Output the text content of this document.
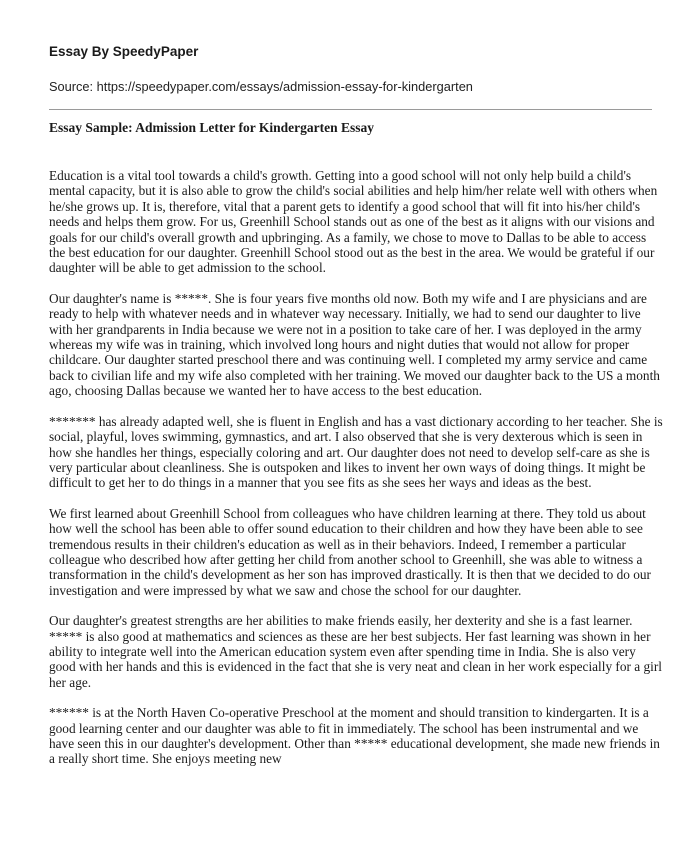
Essay By SpeedyPaper
Source: https://speedypaper.com/essays/admission-essay-for-kindergarten
Essay Sample: Admission Letter for Kindergarten Essay

Education is a vital tool towards a child's growth. Getting into a good school will not only help build a child's mental capacity, but it is also able to grow the child's social abilities and help him/her relate well with others when he/she grows up. It is, therefore, vital that a parent gets to identify a good school that will fit into his/her child's needs and helps them grow. For us, Greenhill School stands out as one of the best as it aligns with our visions and goals for our child's overall growth and upbringing. As a family, we chose to move to Dallas to be able to access the best education for our daughter. Greenhill School stood out as the best in the area. We would be grateful if our daughter will be able to get admission to the school.

Our daughter's name is *****. She is four years five months old now. Both my wife and I are physicians and are ready to help with whatever needs and in whatever way necessary. Initially, we had to send our daughter to live with her grandparents in India because we were not in a position to take care of her. I was deployed in the army whereas my wife was in training, which involved long hours and night duties that would not allow for proper childcare. Our daughter started preschool there and was continuing well. I completed my army service and came back to civilian life and my wife also completed with her training. We moved our daughter back to the US a month ago, choosing Dallas because we wanted her to have access to the best education.

******* has already adapted well, she is fluent in English and has a vast dictionary according to her teacher. She is social, playful, loves swimming, gymnastics, and art. I also observed that she is very dexterous which is seen in how she handles her things, especially coloring and art. Our daughter does not need to develop self-care as she is very particular about cleanliness. She is outspoken and likes to invent her own ways of doing things. It might be difficult to get her to do things in a manner that you see fits as she sees her ways and ideas as the best.

We first learned about Greenhill School from colleagues who have children learning at there. They told us about how well the school has been able to offer sound education to their children and how they have been able to see tremendous results in their children's education as well as in their behaviors. Indeed, I remember a particular colleague who described how after getting her child from another school to Greenhill, she was able to witness a transformation in the child's development as her son has improved drastically. It is then that we decided to do our investigation and were impressed by what we saw and chose the school for our daughter.

Our daughter's greatest strengths are her abilities to make friends easily, her dexterity and she is a fast learner. ***** is also good at mathematics and sciences as these are her best subjects. Her fast learning was shown in her ability to integrate well into the American education system even after spending time in India. She is also very good with her hands and this is evidenced in the fact that she is very neat and clean in her work especially for a girl her age.

****** is at the North Haven Co-operative Preschool at the moment and should transition to kindergarten. It is a good learning center and our daughter was able to fit in immediately. The school has been instrumental and we have seen this in our daughter's development. Other than ***** educational development, she made new friends in a really short time. She enjoys meeting new
